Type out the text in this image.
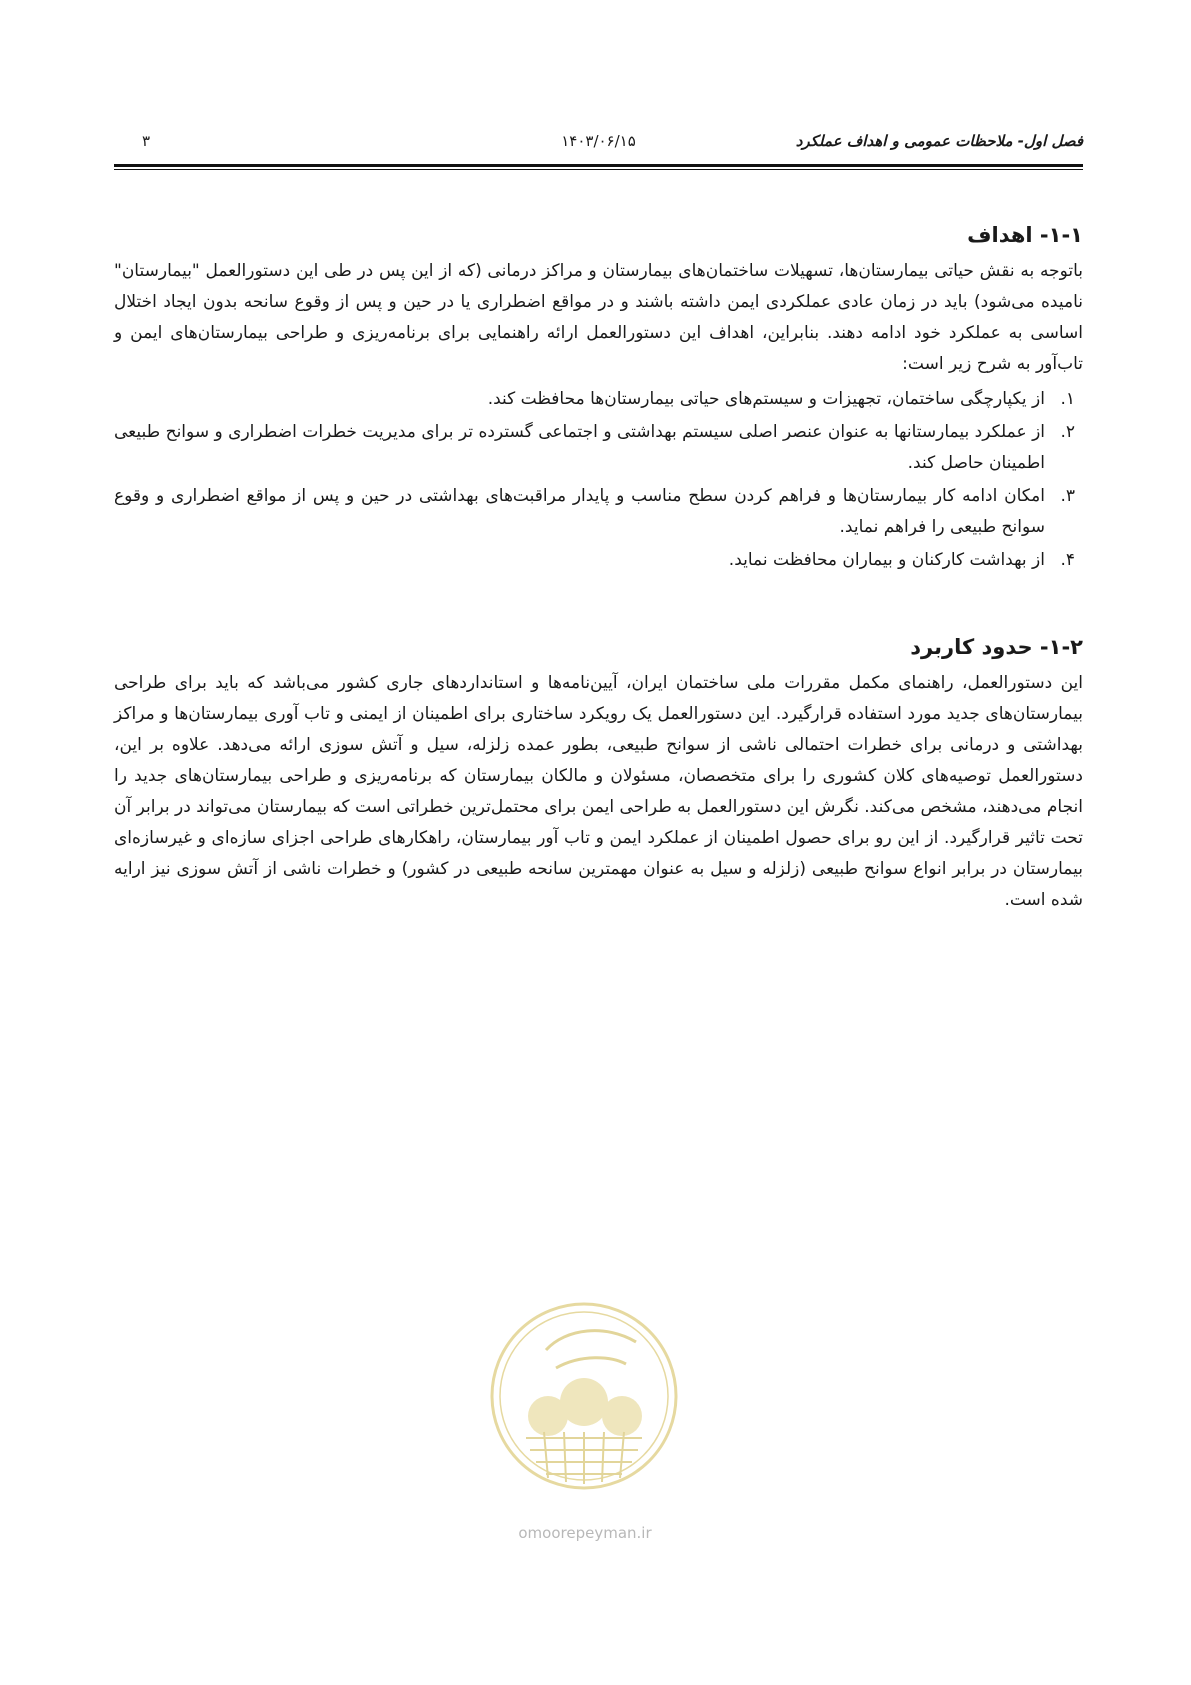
فصل اول- ملاحظات عمومی و اهداف عملکرد
۱۴۰۳/۰۶/۱۵
۳
۱-۱- اهداف

باتوجه به نقش حیاتی بیمارستان‌ها، تسهیلات ساختمان‌های بیمارستان و مراکز درمانی (که از این پس در طی این دستورالعمل "بیمارستان" نامیده می‌شود) باید در زمان عادی عملکردی ایمن داشته باشند و در مواقع اضطراری یا در حین و پس از وقوع سانحه بدون ایجاد اختلال اساسی به عملکرد خود ادامه دهند. بنابراین، اهداف این دستورالعمل ارائه راهنمایی برای برنامه‌ریزی و طراحی بیمارستان‌های ایمن و تاب‌آور به شرح زیر است:

۱.
از یکپارچگی ساختمان، تجهیزات و سیستم‌های حیاتی بیمارستان‌ها محافظت کند.
۲.
از عملکرد بیمارستانها به عنوان عنصر اصلی سیستم بهداشتی و اجتماعی گسترده تر برای مدیریت خطرات اضطراری و سوانح طبیعی اطمینان حاصل کند.
۳.
امکان ادامه کار بیمارستان‌ها و فراهم کردن سطح مناسب و پایدار مراقبت‌های بهداشتی در حین و پس از مواقع اضطراری و وقوع سوانح طبیعی را فراهم نماید.
۴.
از بهداشت کارکنان و بیماران محافظت نماید.
۱-۲- حدود کاربرد

این دستورالعمل، راهنمای مکمل مقررات ملی ساختمان ایران، آیین‌نامه‌ها و استانداردهای جاری کشور می‌باشد که باید برای طراحی بیمارستان‌های جدید مورد استفاده قرارگیرد. این دستورالعمل یک رویکرد ساختاری برای اطمینان از ایمنی و تاب آوری بیمارستان‌ها و مراکز بهداشتی و درمانی برای خطرات احتمالی ناشی از سوانح طبیعی، بطور عمده زلزله، سیل و آتش سوزی ارائه می‌دهد. علاوه بر این، دستورالعمل توصیه‌های کلان کشوری را برای متخصصان، مسئولان و مالکان بیمارستان که برنامه‌ریزی و طراحی بیمارستان‌های جدید را انجام می‌دهند، مشخص می‌کند. نگرش این دستورالعمل به طراحی ایمن برای محتمل‌ترین خطراتی است که بیمارستان می‌تواند در برابر آن تحت تاثیر قرارگیرد. از این رو برای حصول اطمینان از عملکرد ایمن و تاب آور بیمارستان، راهکارهای طراحی اجزای سازه‌ای و غیرسازه‌ای بیمارستان در برابر انواع سوانح طبیعی (زلزله و سیل به عنوان مهمترین سانحه طبیعی در کشور) و خطرات ناشی از آتش سوزی نیز ارایه شده است.

omoorepeyman.ir
